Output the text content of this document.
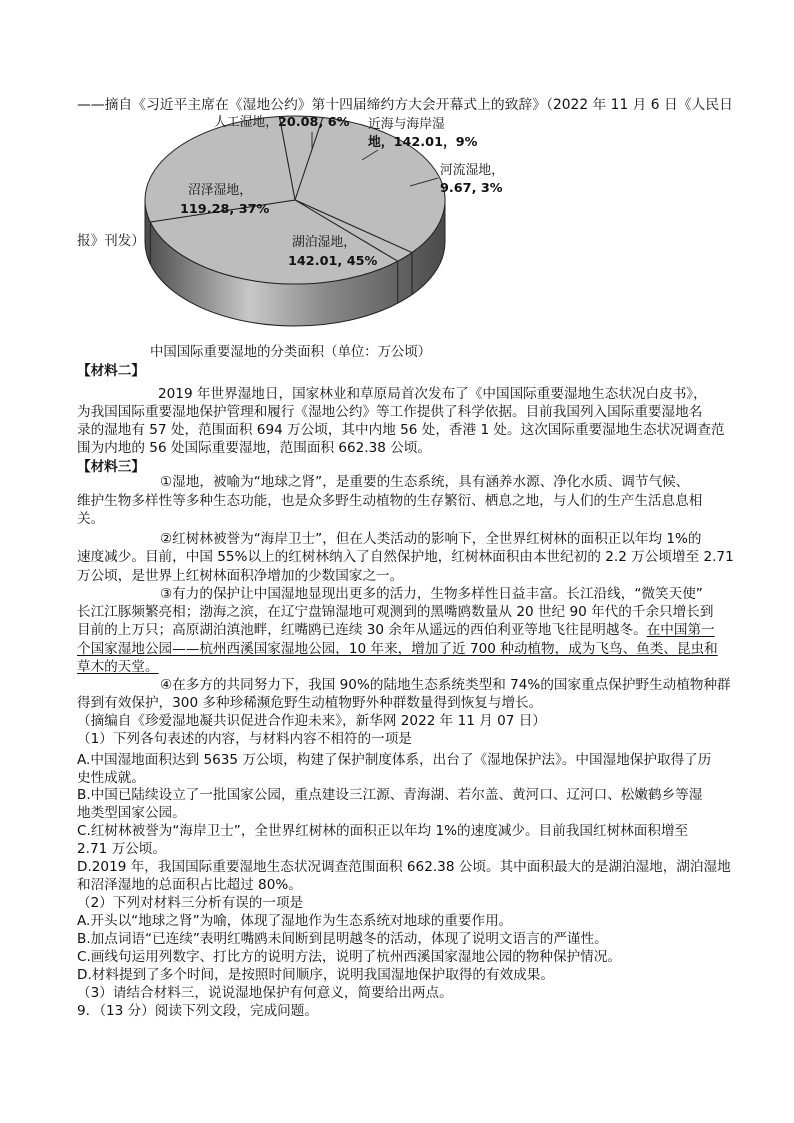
——摘自《习近平主席在《湿地公约》第十四届缔约方大会开幕式上的致辞》（2022 年 11 月 6 日《人民日
报》刊发）
人工湿地，20.08, 6% 近海与海岸湿
地，142.01，9%
河流湿地，
9.67, 3%
沼泽湿地，
119.28, 37%
湖泊湿地，
142.01, 45%
中国国际重要湿地的分类面积（单位：万公顷）
【材料二】
2019 年世界湿地日，国家林业和草原局首次发布了《中国国际重要湿地生态状况白皮书》，
为我国国际重要湿地保护管理和履行《湿地公约》等工作提供了科学依据。目前我国列入国际重要湿地名
录的湿地有 57 处，范围面积 694 万公顷，其中内地 56 处，香港 1 处。这次国际重要湿地生态状况调查范
围为内地的 56 处国际重要湿地，范围面积 662.38 公顷。
【材料三】
①湿地，被喻为“地球之肾”，是重要的生态系统，具有涵养水源、净化水质、调节气候、
维护生物多样性等多种生态功能，也是众多野生动植物的生存繁衍、栖息之地，与人们的生产生活息息相
关。
②红树林被誉为“海岸卫士”，但在人类活动的影响下，全世界红树林的面积正以年均 1%的
速度减少。目前，中国 55%以上的红树林纳入了自然保护地，红树林面积由本世纪初的 2.2 万公顷增至 2.71
万公顷，是世界上红树林面积净增加的少数国家之一。
③有力的保护让中国湿地显现出更多的活力，生物多样性日益丰富。长江沿线，“微笑天使”
长江江豚频繁亮相；渤海之滨，在辽宁盘锦湿地可观测到的黑嘴鸥数量从 20 世纪 90 年代的千余只增长到
目前的上万只；高原湖泊滇池畔，红嘴鸥已连续 30 余年从遥远的西伯利亚等地飞往昆明越冬。在中国第一
个国家湿地公园——杭州西溪国家湿地公园，10 年来，增加了近 700 种动植物，成为飞鸟、鱼类、昆虫和
草木的天堂。
④在多方的共同努力下，我国 90%的陆地生态系统类型和 74%的国家重点保护野生动植物种群
得到有效保护，300 多种珍稀濒危野生动植物野外种群数量得到恢复与增长。
（摘编自《珍爱湿地凝共识促进合作迎未来》，新华网 2022 年 11 月 07 日）
（1）下列各句表述的内容，与材料内容不相符的一项是
A.中国湿地面积达到 5635 万公顷，构建了保护制度体系，出台了《湿地保护法》。中国湿地保护取得了历
史性成就。
B.中国已陆续设立了一批国家公园，重点建设三江源、青海湖、若尔盖、黄河口、辽河口、松嫩鹤乡等湿
地类型国家公园。
C.红树林被誉为“海岸卫士”，全世界红树林的面积正以年均 1%的速度减少。目前我国红树林面积增至
2.71 万公顷。
D.2019 年，我国国际重要湿地生态状况调查范围面积 662.38 公顷。其中面积最大的是湖泊湿地，湖泊湿地
和沼泽湿地的总面积占比超过 80%。
（2）下列对材料三分析有误的一项是
A.开头以“地球之肾”为喻，体现了湿地作为生态系统对地球的重要作用。
B.加点词语“已连续”表明红嘴鸥未间断到昆明越冬的活动，体现了说明文语言的严谨性。
C.画线句运用列数字、打比方的说明方法，说明了杭州西溪国家湿地公园的物种保护情况。
D.材料提到了多个时间，是按照时间顺序，说明我国湿地保护取得的有效成果。
（3）请结合材料三，说说湿地保护有何意义，简要给出两点。
9．（13 分）阅读下列文段，完成问题。
